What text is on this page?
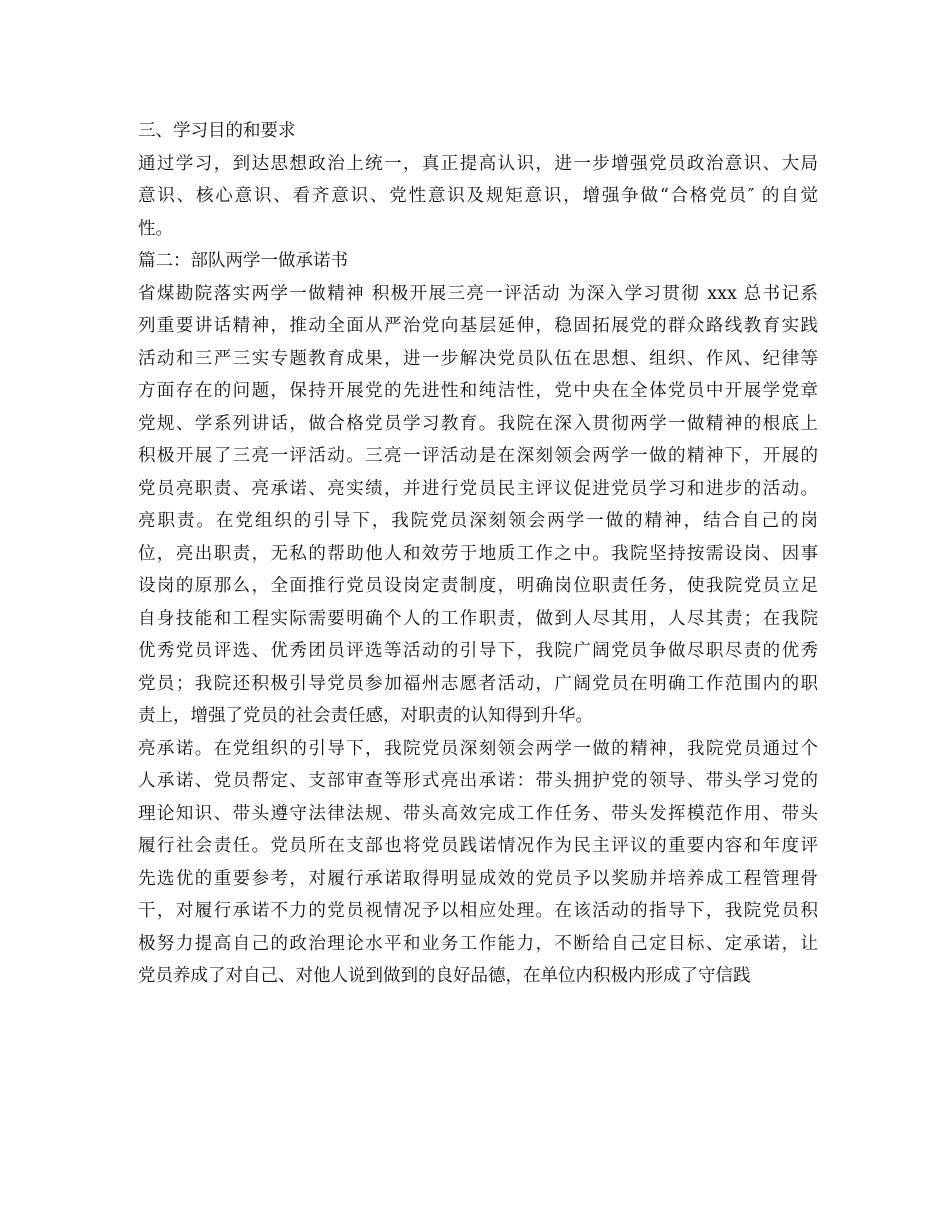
三、学习目的和要求
通过学习，到达思想政治上统一，真正提高认识，进一步增强党员政治意识、大局
意识、核心意识、看齐意识、党性意识及规矩意识，增强争做“合格党员″ 的自觉
性。
篇二：部队两学一做承诺书
省煤勘院落实两学一做精神 积极开展三亮一评活动 为深入学习贯彻 xxx 总书记系
列重要讲话精神，推动全面从严治党向基层延伸，稳固拓展党的群众路线教育实践
活动和三严三实专题教育成果，进一步解决党员队伍在思想、组织、作风、纪律等
方面存在的问题，保持开展党的先进性和纯洁性，党中央在全体党员中开展学党章
党规、学系列讲话，做合格党员学习教育。我院在深入贯彻两学一做精神的根底上
积极开展了三亮一评活动。三亮一评活动是在深刻领会两学一做的精神下，开展的
党员亮职责、亮承诺、亮实绩，并进行党员民主评议促进党员学习和进步的活动。
亮职责。在党组织的引导下，我院党员深刻领会两学一做的精神，结合自己的岗
位，亮出职责，无私的帮助他人和效劳于地质工作之中。我院坚持按需设岗、因事
设岗的原那么，全面推行党员设岗定责制度，明确岗位职责任务，使我院党员立足
自身技能和工程实际需要明确个人的工作职责，做到人尽其用，人尽其责；在我院
优秀党员评选、优秀团员评选等活动的引导下，我院广阔党员争做尽职尽责的优秀
党员；我院还积极引导党员参加福州志愿者活动，广阔党员在明确工作范围内的职
责上，增强了党员的社会责任感，对职责的认知得到升华。
亮承诺。在党组织的引导下，我院党员深刻领会两学一做的精神，我院党员通过个
人承诺、党员帮定、支部审查等形式亮出承诺：带头拥护党的领导、带头学习党的
理论知识、带头遵守法律法规、带头高效完成工作任务、带头发挥模范作用、带头
履行社会责任。党员所在支部也将党员践诺情况作为民主评议的重要内容和年度评
先选优的重要参考，对履行承诺取得明显成效的党员予以奖励并培养成工程管理骨
干，对履行承诺不力的党员视情况予以相应处理。在该活动的指导下，我院党员积
极努力提高自己的政治理论水平和业务工作能力，不断给自己定目标、定承诺，让
党员养成了对自己、对他人说到做到的良好品德，在单位内积极内形成了守信践
